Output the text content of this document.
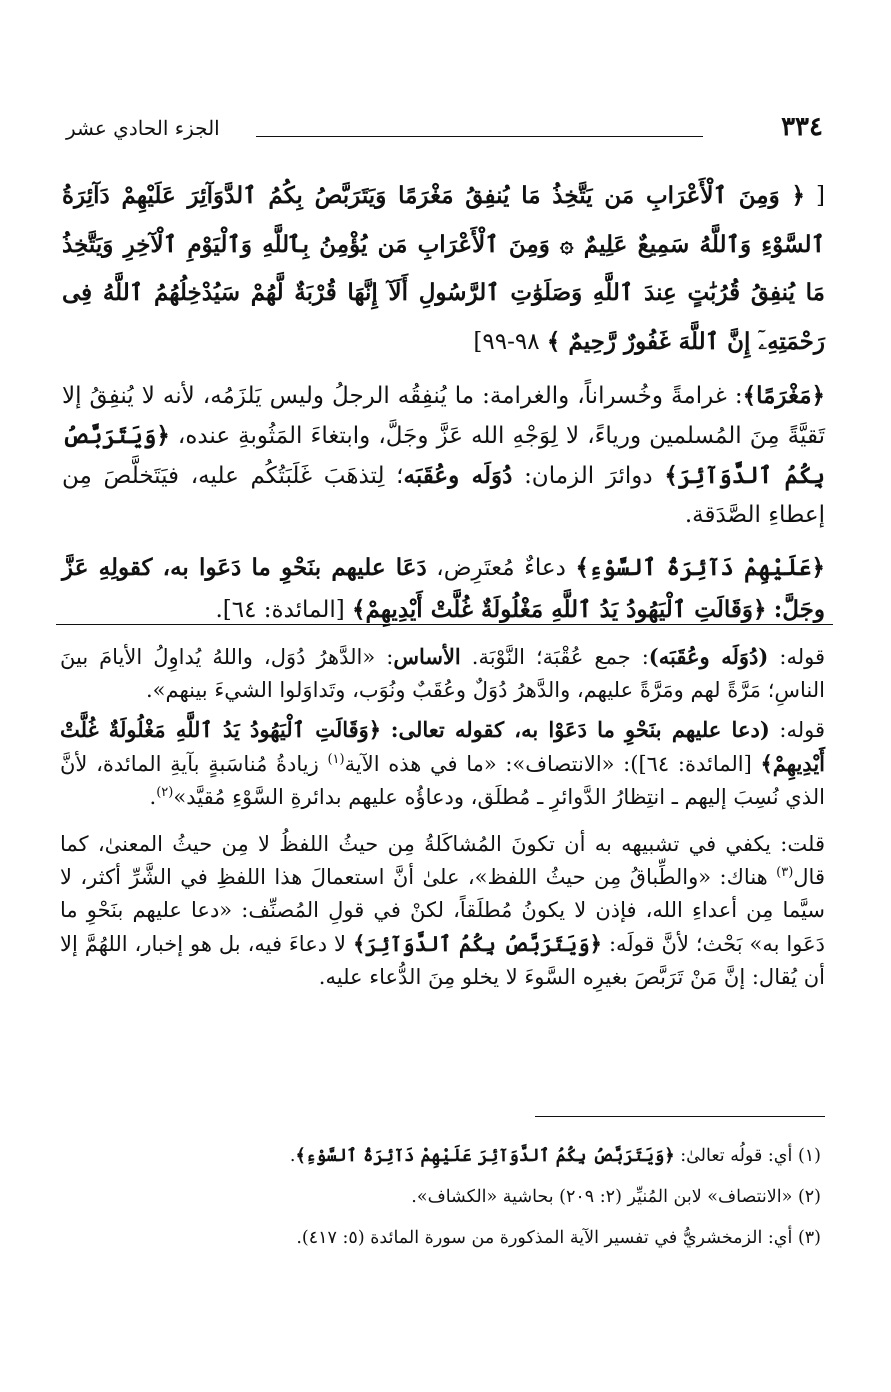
٣٣٤
الجزء الحادي عشر

[ ﴿ وَمِنَ ٱلْأَعْرَابِ مَن يَتَّخِذُ مَا يُنفِقُ مَغْرَمًا وَيَتَرَبَّصُ بِكُمُ ٱلدَّوَآئِرَ عَلَيْهِمْ دَآئِرَةُ ٱلسَّوْءِ وَٱللَّهُ سَمِيعٌ عَلِيمٌ ۞ وَمِنَ ٱلْأَعْرَابِ مَن يُؤْمِنُ بِٱللَّهِ وَٱلْيَوْمِ ٱلْآخِرِ وَيَتَّخِذُ مَا يُنفِقُ قُرُبَٰتٍ عِندَ ٱللَّهِ وَصَلَوَٰتِ ٱلرَّسُولِ أَلَآ إِنَّهَا قُرْبَةٌ لَّهُمْ سَيُدْخِلُهُمُ ٱللَّهُ فِى رَحْمَتِهِۦٓ إِنَّ ٱللَّهَ غَفُورٌ رَّحِيمٌ ﴾ ٩٨-٩٩]

﴿مَغْرَمًا﴾: غرامةً وخُسراناً، والغرامة: ما يُنفِقُه الرجلُ وليس يَلزَمُه، لأنه لا يُنفِقُ إلا تَقيَّةً مِنَ المُسلمين ورياءً، لا لِوَجْهِ الله عَزَّ وجَلَّ، وابتغاءَ المَثُوبةِ عنده، ﴿وَيَتَرَبَّصُ بِكُمُ ٱلدَّوَآئِرَ﴾ دوائرَ الزمان: دُوَلَه وعُقَبَه؛ لِتذهَبَ غَلَبَتُكُم عليه، فيَتَخلَّصَ مِن إعطاءِ الصَّدَقة.

﴿عَلَيْهِمْ دَآئِرَةُ ٱلسَّوْءِ﴾ دعاءٌ مُعتَرِض، دَعَا عليهم بنَحْوِ ما دَعَوا به، كقولِهِ عَزَّ وجَلَّ: ﴿وَقَالَتِ ٱلْيَهُودُ يَدُ ٱللَّهِ مَغْلُولَةٌ غُلَّتْ أَيْدِيهِمْ﴾ [المائدة: ٦٤].

قوله: (دُوَلَه وعُقَبَه): جمع عُقْبَة؛ النَّوْبَة. الأساس: «الدَّهرُ دُوَل، واللهُ يُداوِلُ الأيامَ بينَ الناسِ؛ مَرَّةً لهم ومَرَّةً عليهم، والدَّهرُ دُوَلٌ وعُقَبٌ ونُوَب، وتَداوَلوا الشيءَ بينهم».

قوله: (دعا عليهم بنَحْوِ ما دَعَوْا به، كقوله تعالى: ﴿وَقَالَتِ ٱلْيَهُودُ يَدُ ٱللَّهِ مَغْلُولَةٌ غُلَّتْ أَيْدِيهِمْ﴾ [المائدة: ٦٤]): «الانتصاف»: «ما في هذه الآية$^{(١)}$ زيادةُ مُناسَبةٍ بآيةِ المائدة، لأنَّ الذي نُسِبَ إليهم ـ انتِظارُ الدَّوائرِ ـ مُطلَق، ودعاؤُه عليهم بدائرةِ السَّوْءِ مُقيَّد»$^{(٢)}$.

قلت: يكفي في تشبيهه به أن تكونَ المُشاكَلةُ مِن حيثُ اللفظُ لا مِن حيثُ المعنىٰ، كما قال$^{(٣)}$ هناك: «والطِّباقُ مِن حيثُ اللفظ»، علىٰ أنَّ استعمالَ هذا اللفظِ في الشَّرِّ أكثر، لا سيَّما مِن أعداءِ الله، فإذن لا يكونُ مُطلَقاً، لكنْ في قولِ المُصنِّف: «دعا عليهم بنَحْوِ ما دَعَوا به» بَحْث؛ لأنَّ قولَه: ﴿وَيَتَرَبَّصُ بِكُمُ ٱلدَّوَآئِرَ﴾ لا دعاءَ فيه، بل هو إخبار، اللهُمَّ إلا أن يُقال: إنَّ مَنْ تَرَبَّصَ بغيرِه السَّوءَ لا يخلو مِنَ الدُّعاء عليه.

(١) أي: قولُه تعالىٰ: ﴿وَيَتَرَبَّصُ بِكُمُ ٱلدَّوَآئِرَ عَلَيْهِمْ دَآئِرَةُ ٱلسَّوْءِ﴾.

(٢) «الانتصاف» لابن المُنيِّر (٢: ٢٠٩) بحاشية «الكشاف».

(٣) أي: الزمخشريُّ في تفسير الآية المذكورة من سورة المائدة (٥: ٤١٧).
